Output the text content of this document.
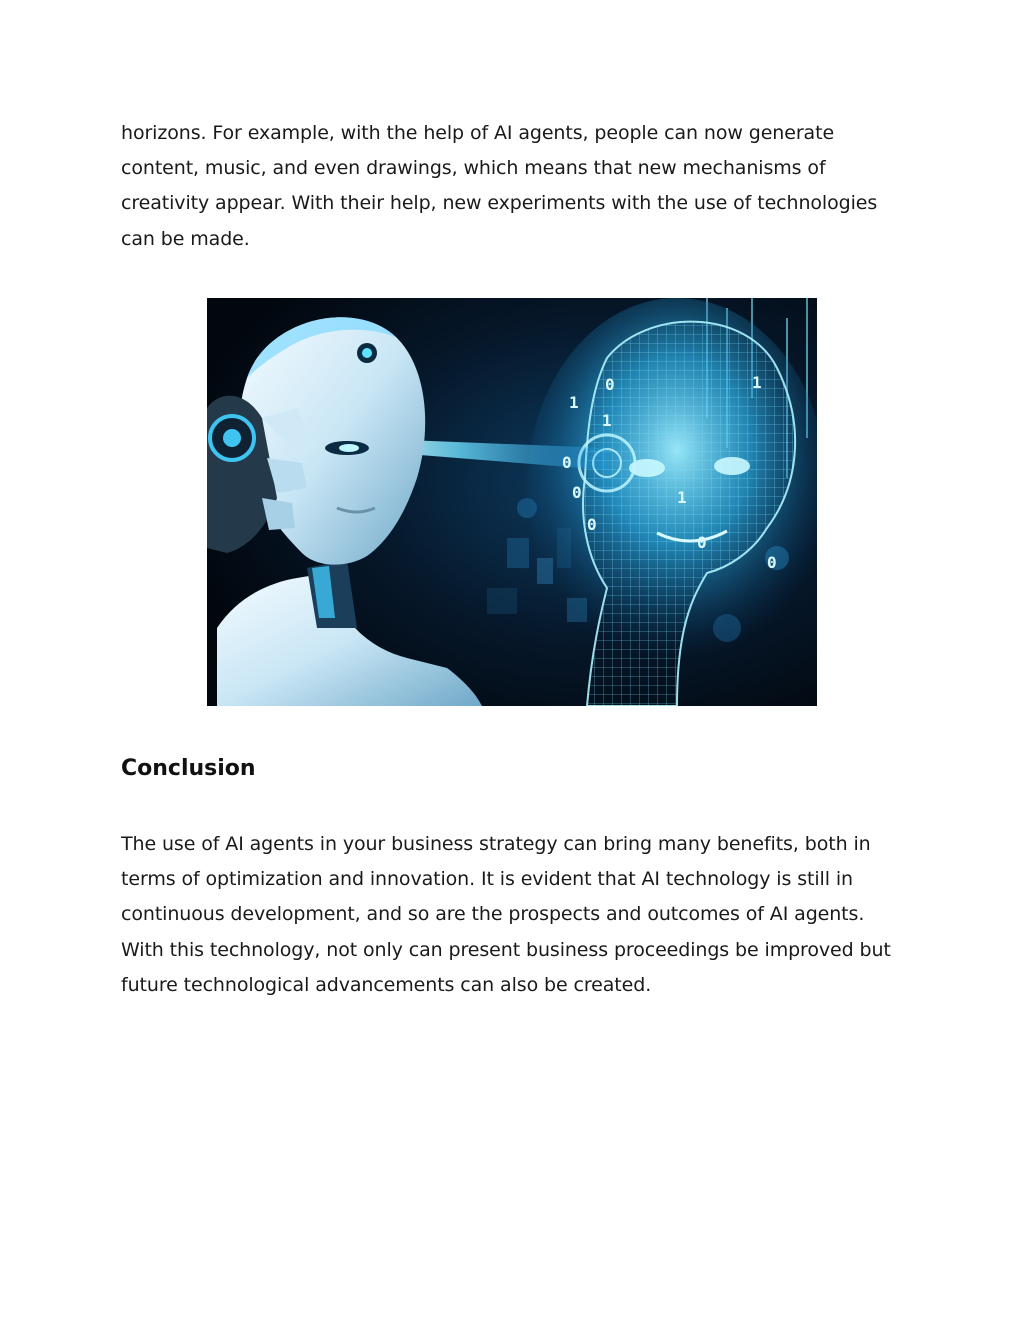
horizons. For example, with the help of AI agents, people can now generate content, music, and even drawings, which means that new mechanisms of creativity appear. With their help, new experiments with the use of technologies can be made.

1
0
0
0
1
0
1
0
0
1
Conclusion

The use of AI agents in your business strategy can bring many benefits, both in terms of optimization and innovation. It is evident that AI technology is still in continuous development, and so are the prospects and outcomes of AI agents. With this technology, not only can present business proceedings be improved but future technological advancements can also be created.
